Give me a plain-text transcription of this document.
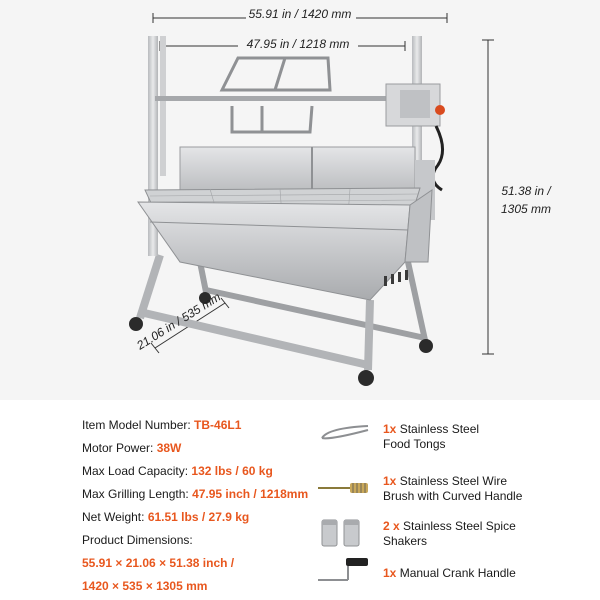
55.91 in / 1420 mm
47.95 in / 1218 mm
51.38 in /
1305 mm
21.06 in / 535 mm
Item Model Number: TB-46L1
Motor Power: 38W
Max Load Capacity: 132 lbs / 60 kg
Max Grilling Length: 47.95 inch / 1218mm
Net Weight: 61.51 lbs / 27.9 kg
Product Dimensions:
55.91 × 21.06 × 51.38 inch /
1420 × 535 × 1305 mm
1x Stainless Steel
Food Tongs
1x Stainless Steel Wire
Brush with Curved Handle
2 x Stainless Steel Spice
Shakers
1x Manual Crank Handle
